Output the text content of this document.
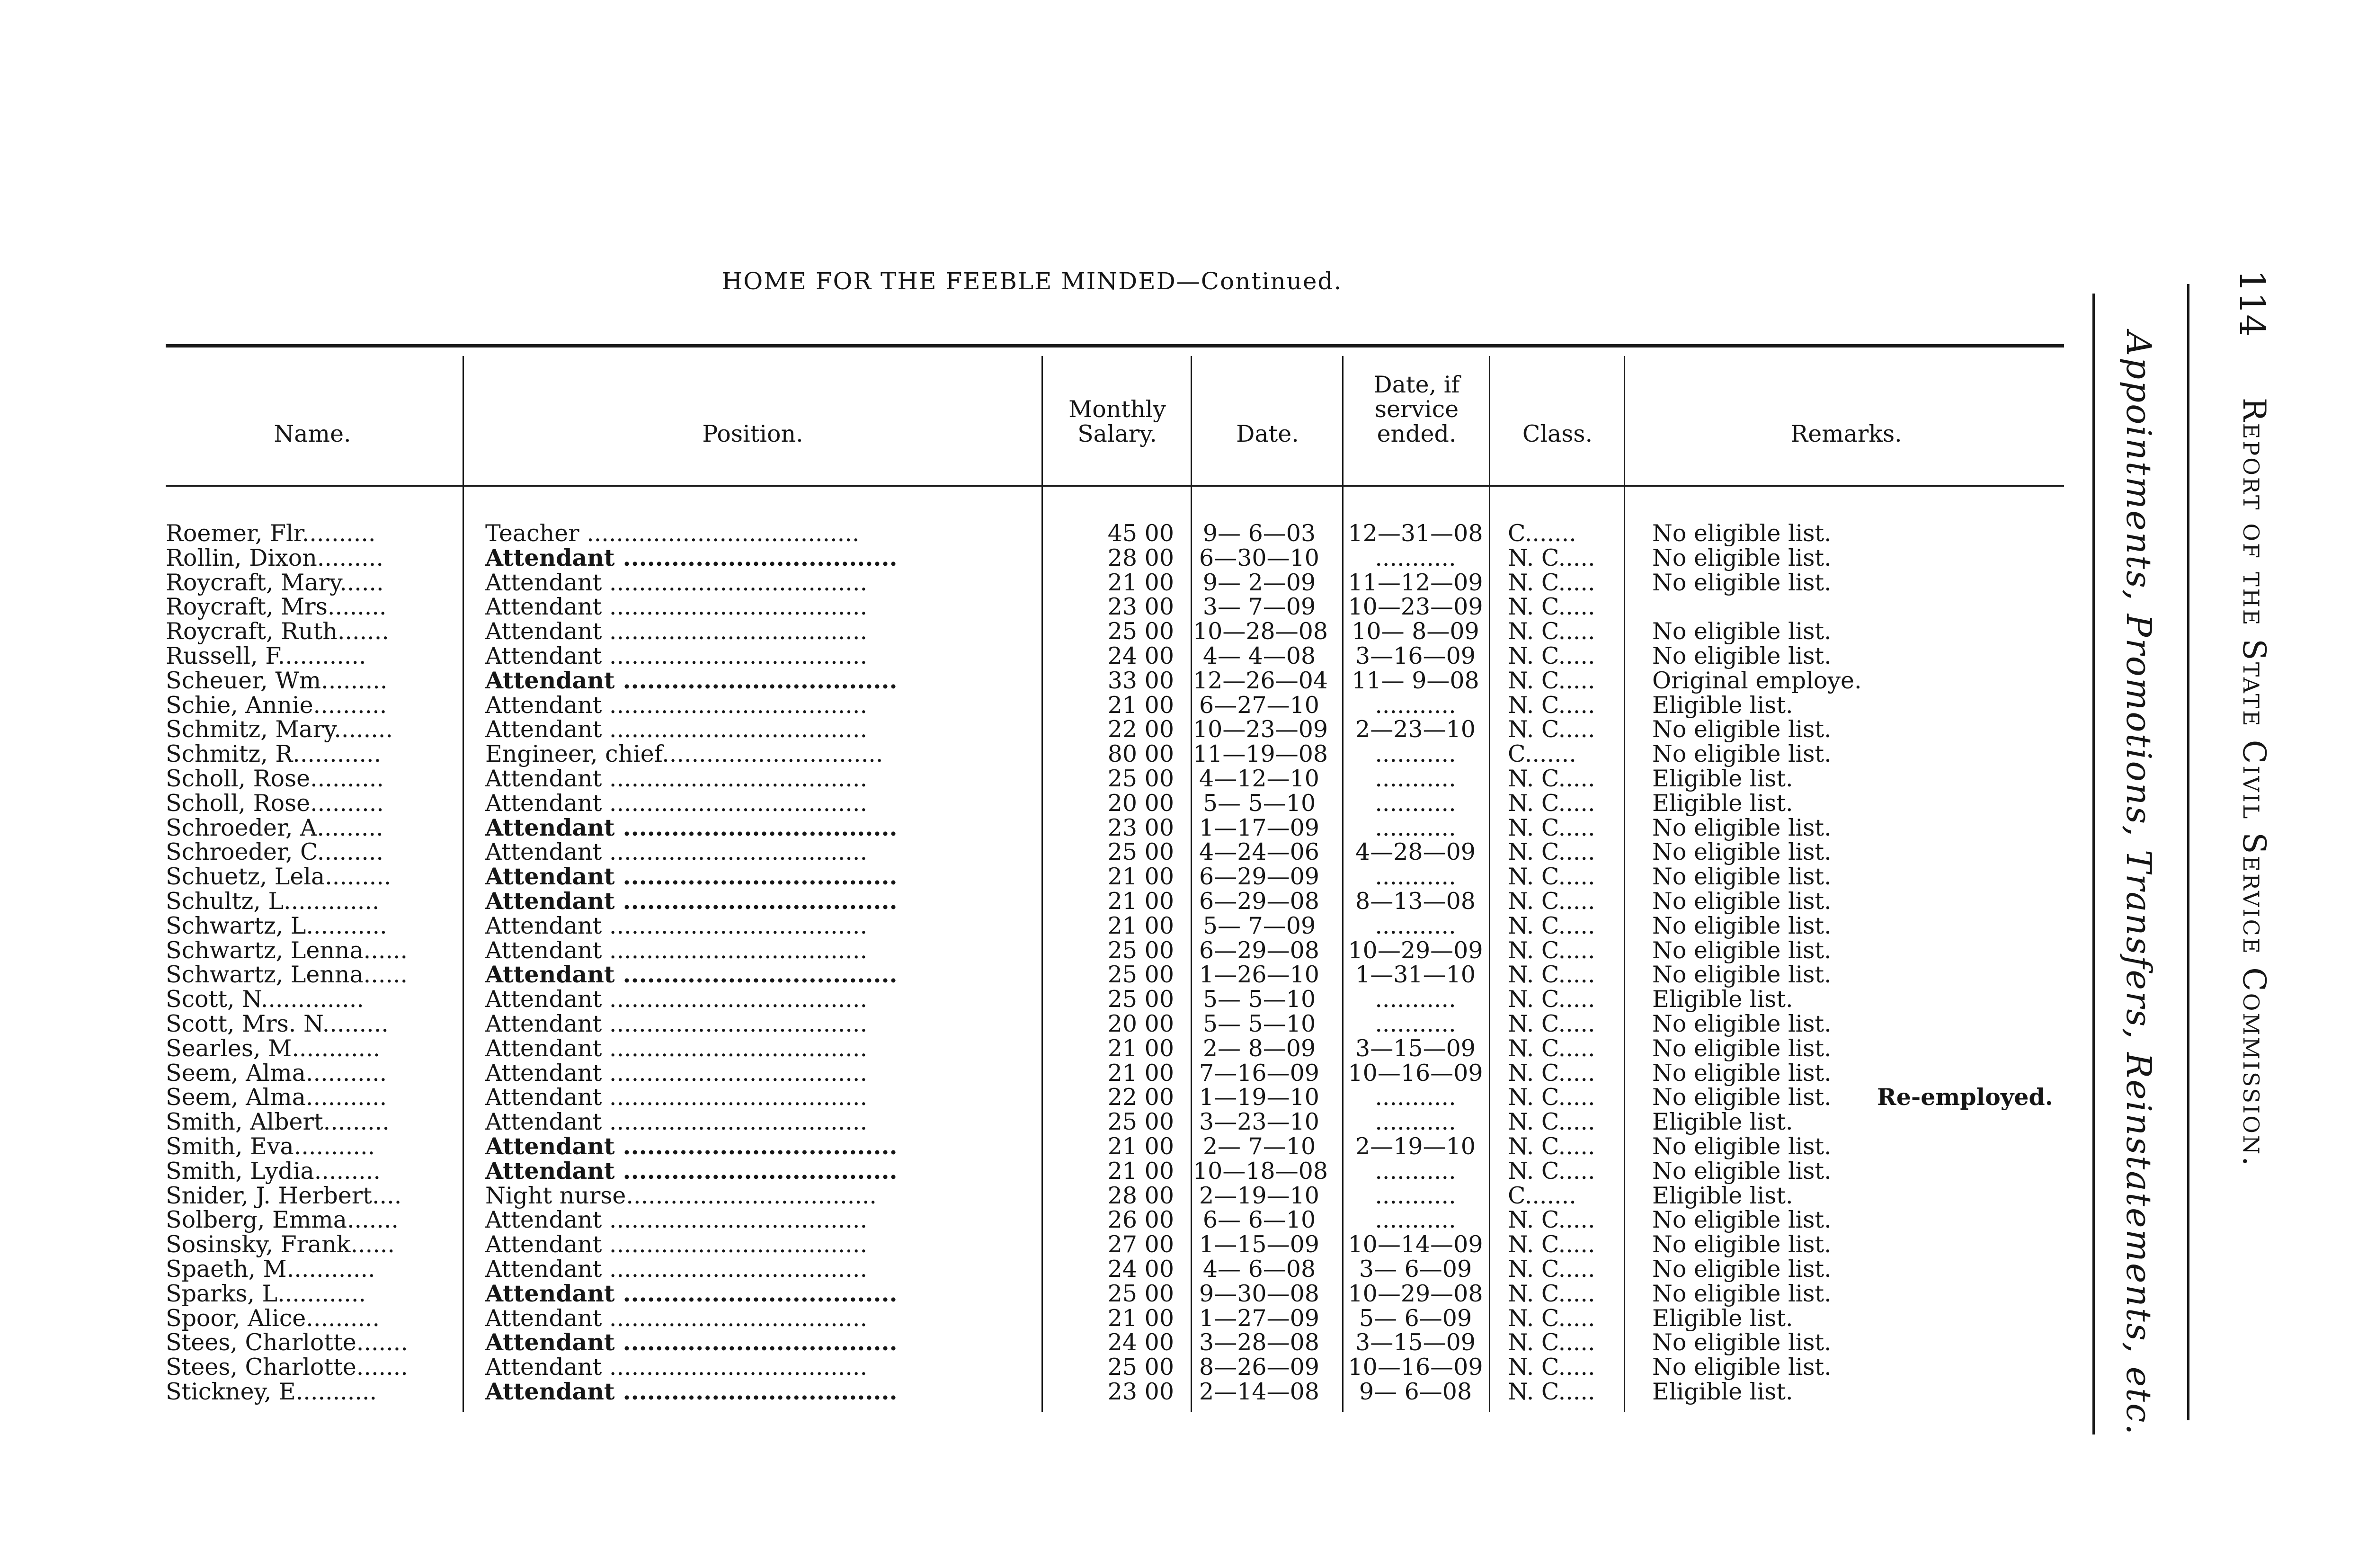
HOME FOR THE FEEBLE MINDED—Continued.
Name.	Position.
Monthly
Salary.	Date.
Date, if
service
ended.	Class.	Remarks.
Roemer, Flr..........	Teacher .....................................	45 00	9— 6—03	12—31—08 C.......	No eligible list.
Rollin, Dixon.........	Attendant ..................................	28 00 6—30—10	...........	N. C..... No eligible list.
Roycraft, Mary......	Attendant ...................................	21 00	9— 2—09	11—12—09 N. C..... No eligible list.
Roycraft, Mrs........	Attendant ...................................	23 00	3— 7—09	10—23—09 N. C.....
Roycraft, Ruth.......	Attendant ...................................	25 00 10—28—08	10— 8—09	N. C..... No eligible list.
Russell, F............	Attendant ...................................	24 00	4— 4—08	3—16—09	N. C..... No eligible list.
Scheuer, Wm.........	Attendant ..................................	33 00 12—26—04	11— 9—08	N. C..... Original employe.
Schie, Annie..........	Attendant ...................................	21 00 6—27—10	...........	N. C..... Eligible list.
Schmitz, Mary........	Attendant ...................................	22 00 10—23—09	2—23—10	N. C..... No eligible list.
Schmitz, R............	Engineer, chief..............................	80 00 11—19—08	...........	C.......	No eligible list.
Scholl, Rose..........	Attendant ...................................	25 00 4—12—10	...........	N. C..... Eligible list.
Scholl, Rose..........	Attendant ...................................	20 00	5— 5—10	...........	N. C..... Eligible list.
Schroeder, A.........	Attendant ..................................	23 00 1—17—09	...........	N. C..... No eligible list.
Schroeder, C.........	Attendant ...................................	25 00 4—24—06	4—28—09	N. C..... No eligible list.
Schuetz, Lela.........	Attendant ..................................	21 00 6—29—09	...........	N. C..... No eligible list.
Schultz, L.............	Attendant ..................................	21 00 6—29—08	8—13—08	N. C..... No eligible list.
Schwartz, L...........	Attendant ...................................	21 00	5— 7—09	...........	N. C..... No eligible list.
Schwartz, Lenna......	Attendant ...................................	25 00 6—29—08 10—29—09 N. C..... No eligible list.
Schwartz, Lenna......	Attendant ..................................	25 00 1—26—10	1—31—10	N. C..... No eligible list.
Scott, N..............	Attendant ...................................	25 00	5— 5—10	...........	N. C..... Eligible list.
Scott, Mrs. N.........	Attendant ...................................	20 00	5— 5—10	...........	N. C..... No eligible list.
Searles, M............	Attendant ...................................	21 00	2— 8—09	3—15—09	N. C..... No eligible list.
Seem, Alma...........	Attendant ...................................	21 00 7—16—09 10—16—09 N. C..... No eligible list.
Seem, Alma...........	Attendant ...................................	22 00 1—19—10	...........	N. C..... No eligible list. Re-employed.
Smith, Albert.........	Attendant ...................................	25 00 3—23—10	...........	N. C..... Eligible list.
Smith, Eva...........	Attendant ..................................	21 00	2— 7—10	2—19—10	N. C..... No eligible list.
Smith, Lydia.........	Attendant ..................................	21 00 10—18—08	...........	N. C..... No eligible list.
Snider, J. Herbert....	Night nurse..................................	28 00 2—19—10	...........	C.......	Eligible list.
Solberg, Emma.......	Attendant ...................................	26 00	6— 6—10	...........	N. C..... No eligible list.
Sosinsky, Frank......	Attendant ...................................	27 00 1—15—09 10—14—09 N. C..... No eligible list.
Spaeth, M............	Attendant ...................................	24 00	4— 6—08	3— 6—09	N. C..... No eligible list.
Sparks, L............	Attendant ..................................	25 00 9—30—08 10—29—08 N. C..... No eligible list.
Spoor, Alice..........	Attendant ...................................	21 00 1—27—09	5— 6—09	N. C..... Eligible list.
Stees, Charlotte.......	Attendant ..................................	24 00 3—28—08	3—15—09	N. C..... No eligible list.
Stees, Charlotte.......	Attendant ...................................	25 00 8—26—09 10—16—09 N. C..... No eligible list.
Stickney, E...........	Attendant ..................................	23 00 2—14—08	9— 6—08	N. C..... Eligible list.	Appointments, Promotions, Transfers, Reinstatements, etc.
114
Report of the State Civil Service Commission.
